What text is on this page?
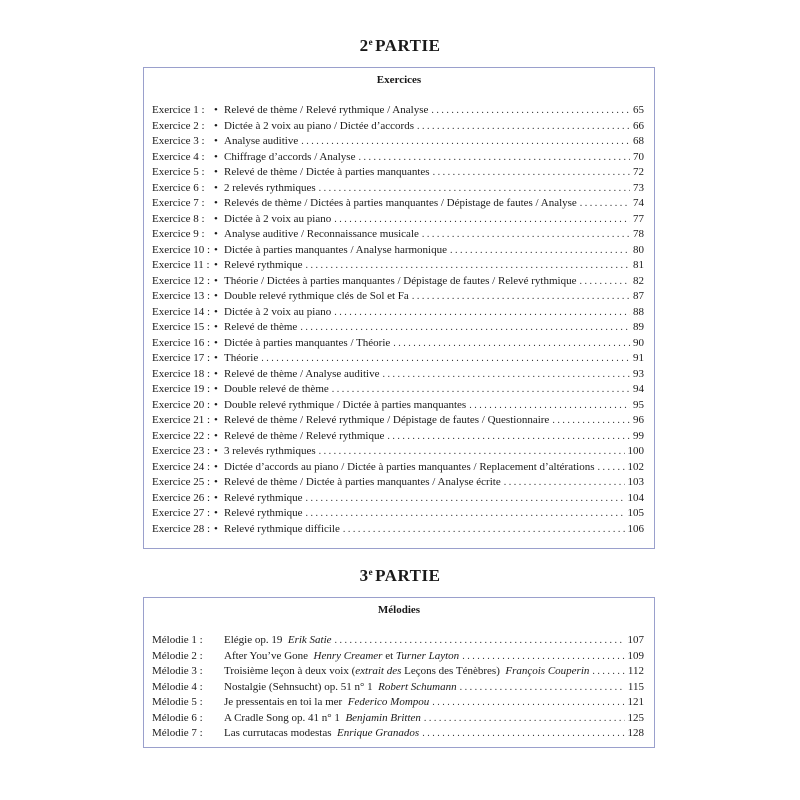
2e PARTIE
Exercices
Exercice 1 : • Relevé de thème / Relevé rythmique / Analyse . . .	65
Exercice 2 : • Dictée à 2 voix au piano / Dictée d’accords . . .	66
Exercice 3 : • Analyse auditive . . .	68
Exercice 4 : • Chiffrage d’accords / Analyse . . .	70
Exercice 5 : • Relevé de thème / Dictée à parties manquantes . . .	72
Exercice 6 : • 2 relevés rythmiques . . .	73
Exercice 7 : • Relevés de thème / Dictées à parties manquantes / Dépistage de fautes / Analyse . . .	74
Exercice 8 : • Dictée à 2 voix au piano . . .	77
Exercice 9 : • Analyse auditive / Reconnaissance musicale . . .	78
Exercice 10 : • Dictée à parties manquantes / Analyse harmonique . . .	80
Exercice 11 : • Relevé rythmique . . .	81
Exercice 12 : • Théorie / Dictées à parties manquantes / Dépistage de fautes / Relevé rythmique . . .	82
Exercice 13 : • Double relevé rythmique clés de Sol et Fa . . .	87
Exercice 14 : • Dictée à 2 voix au piano . . .	88
Exercice 15 : • Relevé de thème . . .	89
Exercice 16 : • Dictée à parties manquantes / Théorie . . .	90
Exercice 17 : • Théorie . . .	91
Exercice 18 : • Relevé de thème / Analyse auditive . . .	93
Exercice 19 : • Double relevé de thème . . .	94
Exercice 20 : • Double relevé rythmique / Dictée à parties manquantes . . .	95
Exercice 21 : • Relevé de thème / Relevé rythmique / Dépistage de fautes / Questionnaire . . .	96
Exercice 22 : • Relevé de thème / Relevé rythmique . . .	99
Exercice 23 : • 3 relevés rythmiques . . .	100
Exercice 24 : • Dictée d’accords au piano / Dictée à parties manquantes / Replacement d’altérations . . .	102
Exercice 25 : • Relevé de thème / Dictée à parties manquantes / Analyse écrite . . .	103
Exercice 26 : • Relevé rythmique . . .	104
Exercice 27 : • Relevé rythmique . . .	105
Exercice 28 : • Relevé rythmique difficile . . .	106
3e PARTIE
Mélodies
Mélodie 1 :	Elégie op. 19 Erik Satie . . .	107
Mélodie 2 :	After You’ve Gone Henry Creamer et Turner Layton . . .	109
Mélodie 3 :	Troisième leçon à deux voix (extrait des Leçons des Ténèbres) François Couperin . . .	112
Mélodie 4 :	Nostalgie (Sehnsucht) op. 51 n° 1 Robert Schumann . . .	115
Mélodie 5 :	Je pressentais en toi la mer Federico Mompou . . .	121
Mélodie 6 :	A Cradle Song op. 41 n° 1 Benjamin Britten . . .	125
Mélodie 7 :	Las currutacas modestas Enrique Granados . . .	128
